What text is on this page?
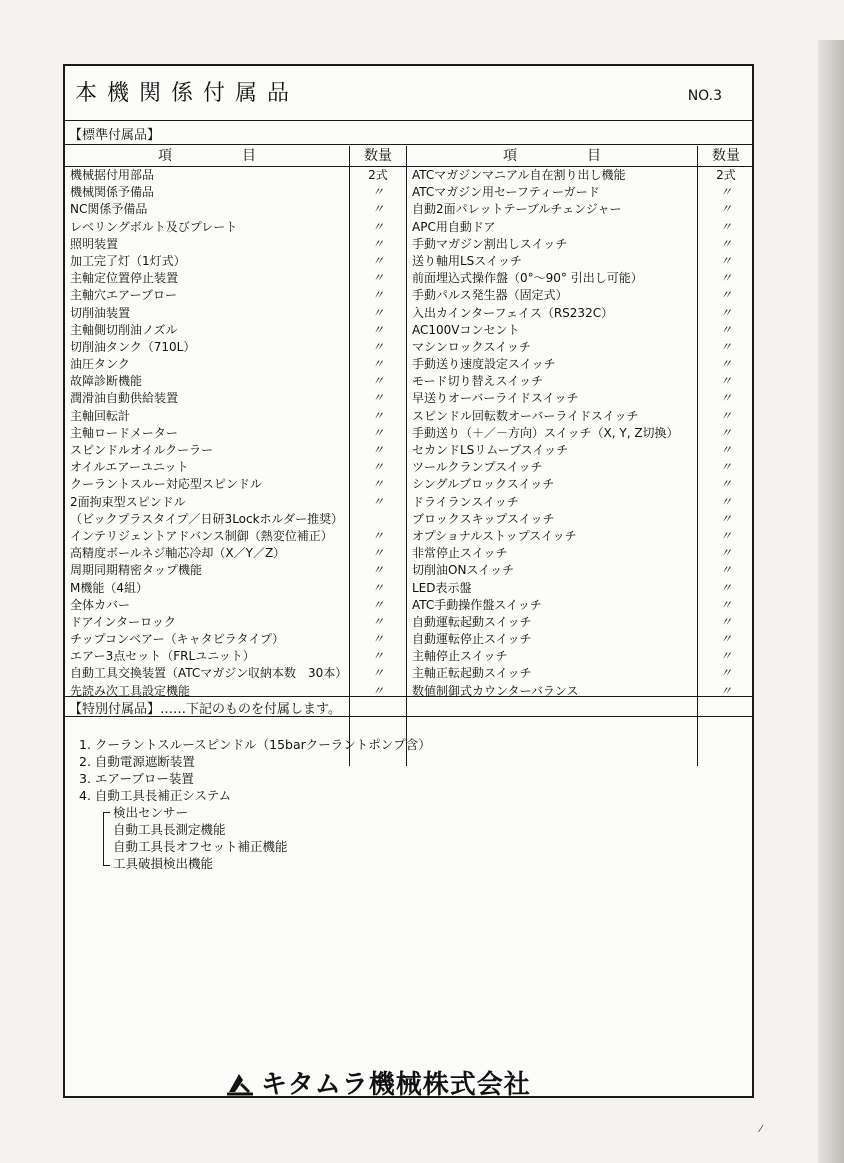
本機関係付属品	NO.3
【標準付属品】
項　　　　　目
機械据付用部品
機械関係予備品
NC関係予備品
レベリングボルト及びプレート
照明装置
加工完了灯（1灯式）
主軸定位置停止装置
主軸穴エアーブロー
切削油装置
主軸側切削油ノズル
切削油タンク（710L）
油圧タンク
故障診断機能
潤滑油自動供給装置
主軸回転計
主軸ロードメーター
スピンドルオイルクーラー
オイルエアーユニット
クーラントスルー対応型スピンドル
2面拘束型スピンドル
（ビックプラスタイプ／日研3Lockホルダー推奨）
インテリジェントアドバンス制御（熱変位補正）
高精度ボールネジ軸芯冷却（X／Y／Z）
周期同期精密タップ機能
M機能（4組）
全体カバー
ドアインターロック
チップコンベアー（キャタピラタイプ）
エアー3点セット（FRLユニット）
自動工具交換装置（ATCマガジン収納本数　30本）
先読み次工具設定機能
数量
2式
〃
〃
〃
〃
〃
〃
〃
〃
〃
〃
〃
〃
〃
〃
〃
〃
〃
〃
〃
〃
〃
〃
〃
〃
〃
〃
〃
〃
〃
項　　　　　目
ATCマガジンマニアル自在割り出し機能
ATCマガジン用セーフティーガード
自動2面パレットテーブルチェンジャー
APC用自動ドア
手動マガジン割出しスイッチ
送り軸用LSスイッチ
前面埋込式操作盤（0°～90° 引出し可能）
手動パルス発生器（固定式）
入出カインターフェイス（RS232C）
AC100Vコンセント
マシンロックスイッチ
手動送り速度設定スイッチ
モード切り替えスイッチ
早送りオーバーライドスイッチ
スピンドル回転数オーバーライドスイッチ
手動送り（＋／－方向）スイッチ（X, Y, Z切換）
セカンドLSリムーブスイッチ
ツールクランプスイッチ
シングルブロックスイッチ
ドライランスイッチ
ブロックスキップスイッチ
オプショナルストップスイッチ
非常停止スイッチ
切削油ONスイッチ
LED表示盤
ATC手動操作盤スイッチ
自動運転起動スイッチ
自動運転停止スイッチ
主軸停止スイッチ
主軸正転起動スイッチ
数値制御式カウンターバランス
数量
2式
〃
〃
〃
〃
〃
〃
〃
〃
〃
〃
〃
〃
〃
〃
〃
〃
〃
〃
〃
〃
〃
〃
〃
〃
〃
〃
〃
〃
〃
〃
【特別付属品】……下記のものを付属します。
1. クーラントスルースピンドル（15barクーラントポンプ含）
2. 自動電源遮断装置
3. エアーブロー装置
4. 自動工具長補正システム
検出センサー
自動工具長測定機能
自動工具長オフセット補正機能
工具破損検出機能
キタムラ機械株式会社
⁄
